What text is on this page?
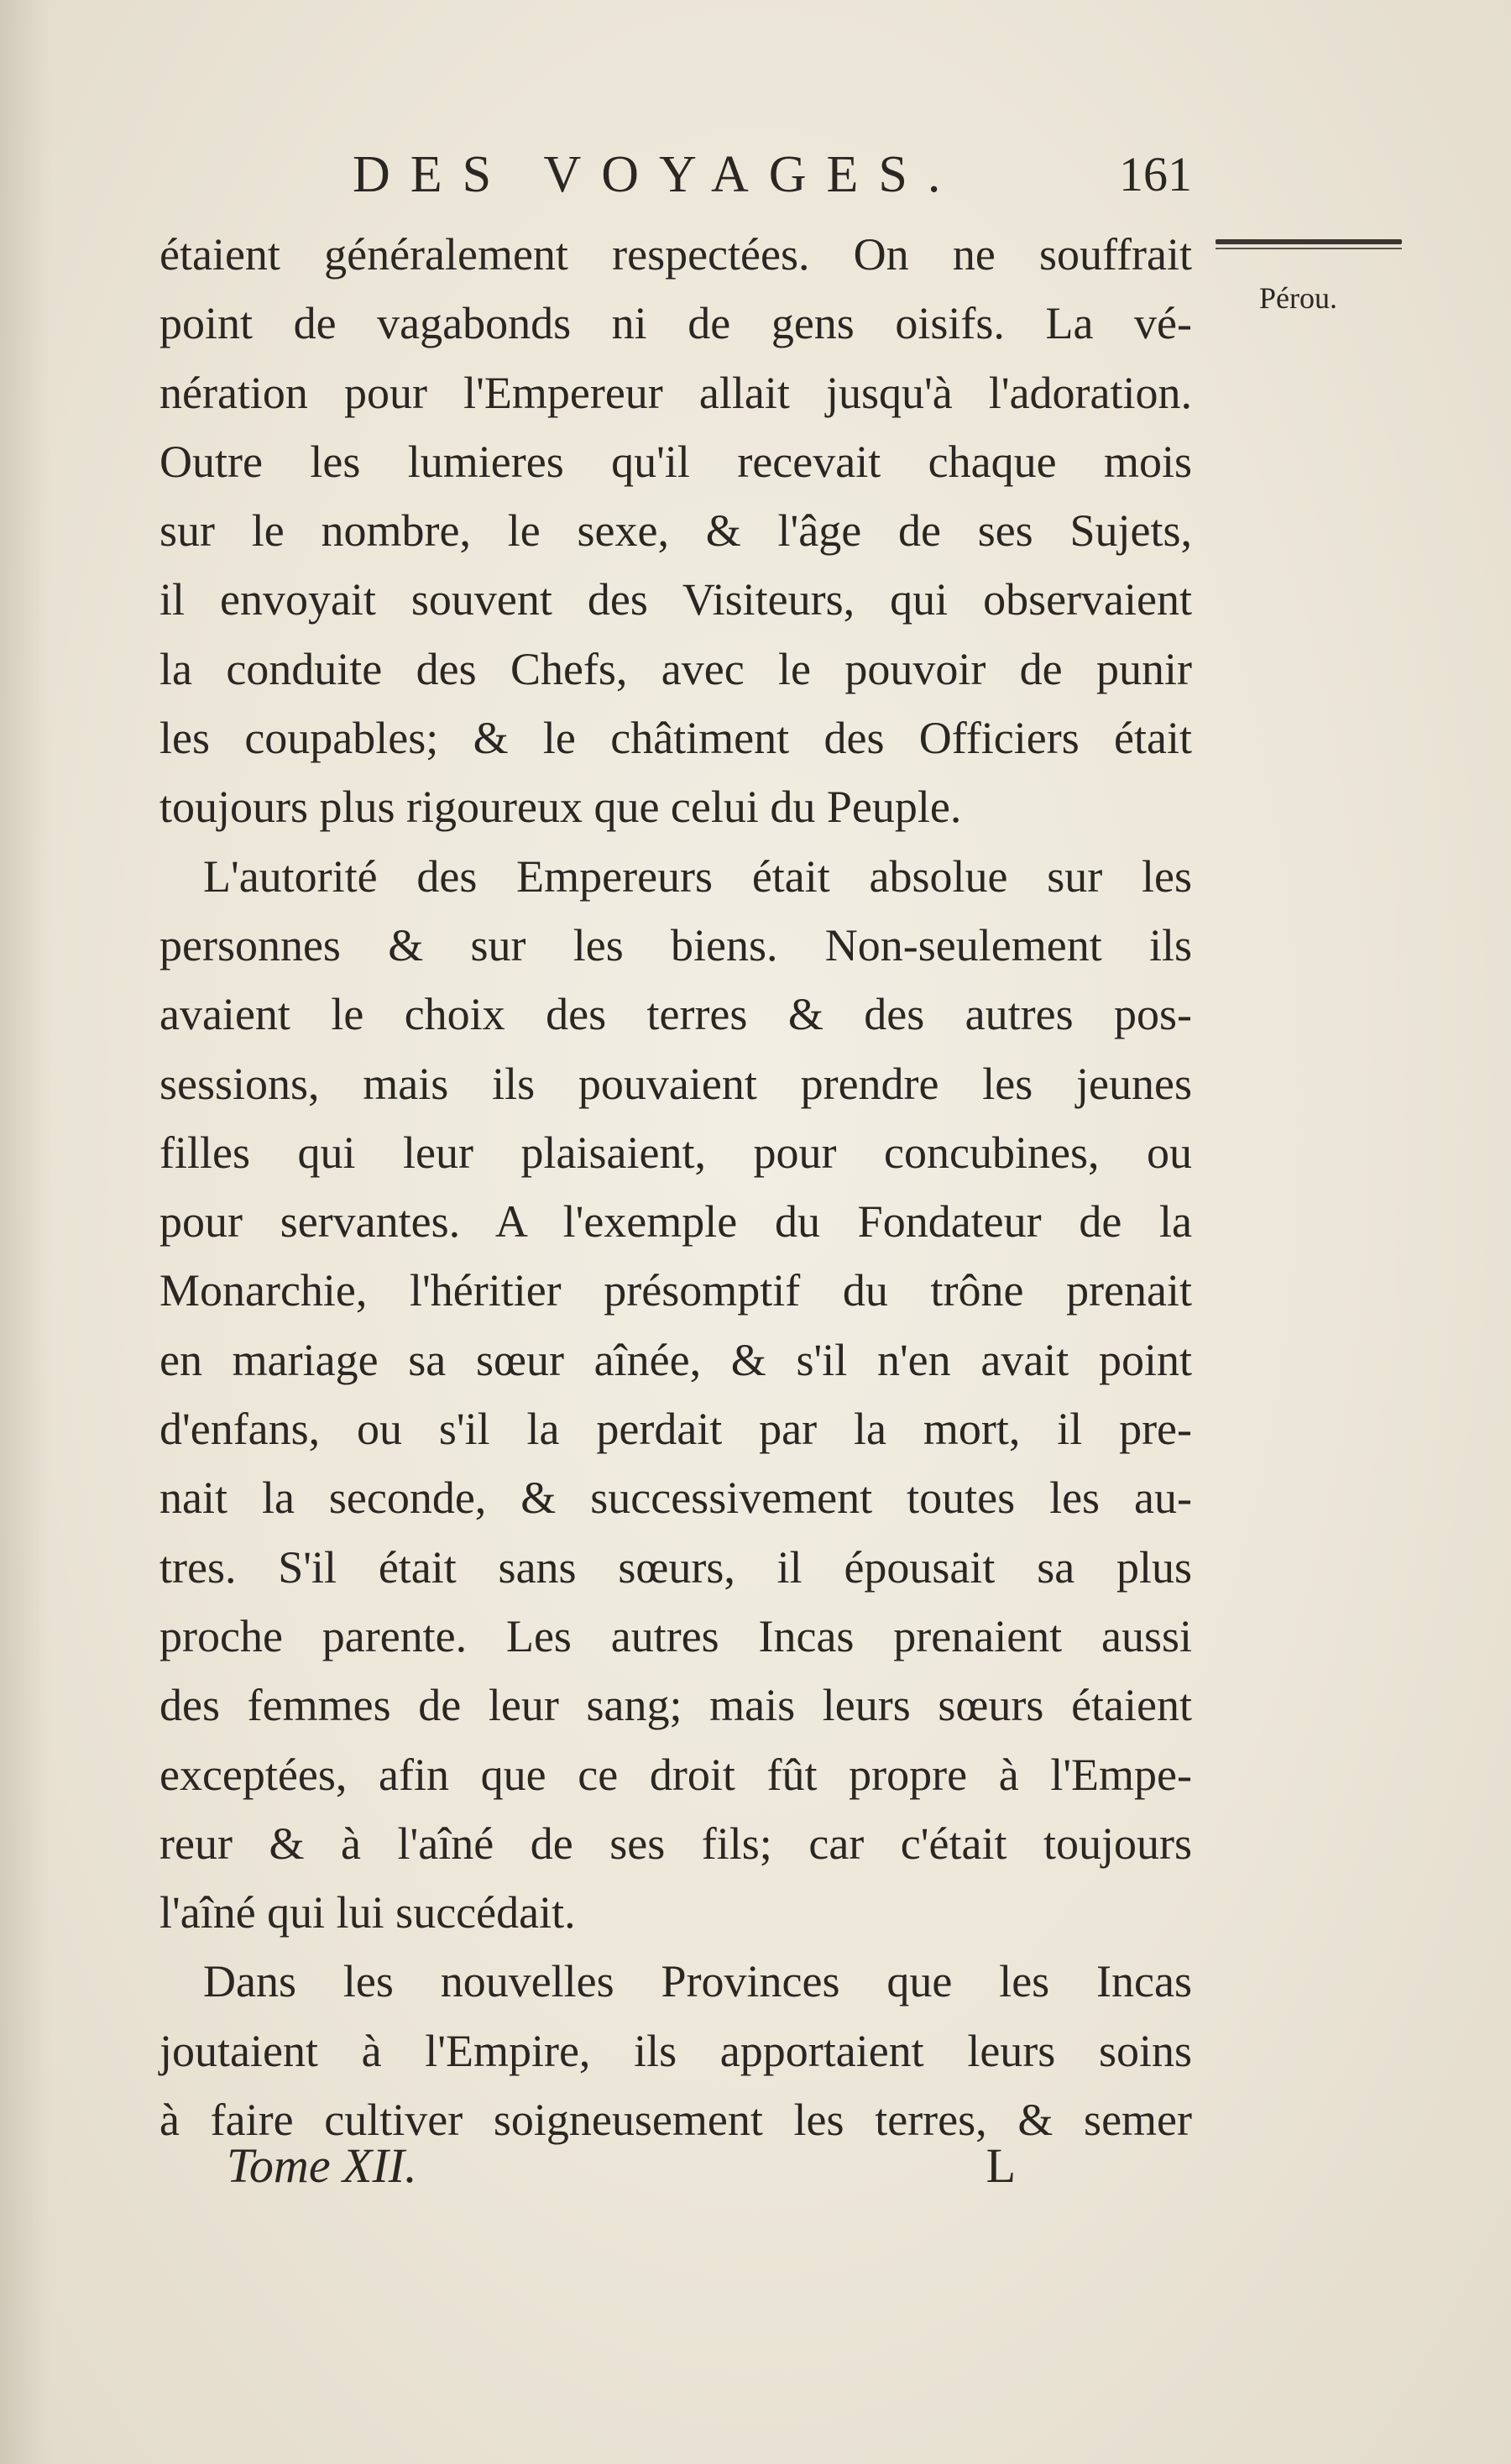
DES VOYAGES.	161
Pérou.
étaient généralement respectées. On ne souffrait
point de vagabonds ni de gens oisifs. La vé-
nération pour l'Empereur allait jusqu'à l'adoration.
Outre les lumieres qu'il recevait chaque mois
sur le nombre, le sexe, & l'âge de ses Sujets,
il envoyait souvent des Visiteurs, qui observaient
la conduite des Chefs, avec le pouvoir de punir
les coupables; & le châtiment des Officiers était
toujours plus rigoureux que celui du Peuple.
L'autorité des Empereurs était absolue sur les
personnes & sur les biens. Non-seulement ils
avaient le choix des terres & des autres pos-
sessions, mais ils pouvaient prendre les jeunes
filles qui leur plaisaient, pour concubines, ou
pour servantes. A l'exemple du Fondateur de la
Monarchie, l'héritier présomptif du trône prenait
en mariage sa sœur aînée, & s'il n'en avait point
d'enfans, ou s'il la perdait par la mort, il pre-
nait la seconde, & successivement toutes les au-
tres. S'il était sans sœurs, il épousait sa plus
proche parente. Les autres Incas prenaient aussi
des femmes de leur sang; mais leurs sœurs étaient
exceptées, afin que ce droit fût propre à l'Empe-
reur & à l'aîné de ses fils; car c'était toujours
l'aîné qui lui succédait.
Dans les nouvelles Provinces que les Incas
joutaient à l'Empire, ils apportaient leurs soins
à faire cultiver soigneusement les terres, & semer
Tome XII.	L
